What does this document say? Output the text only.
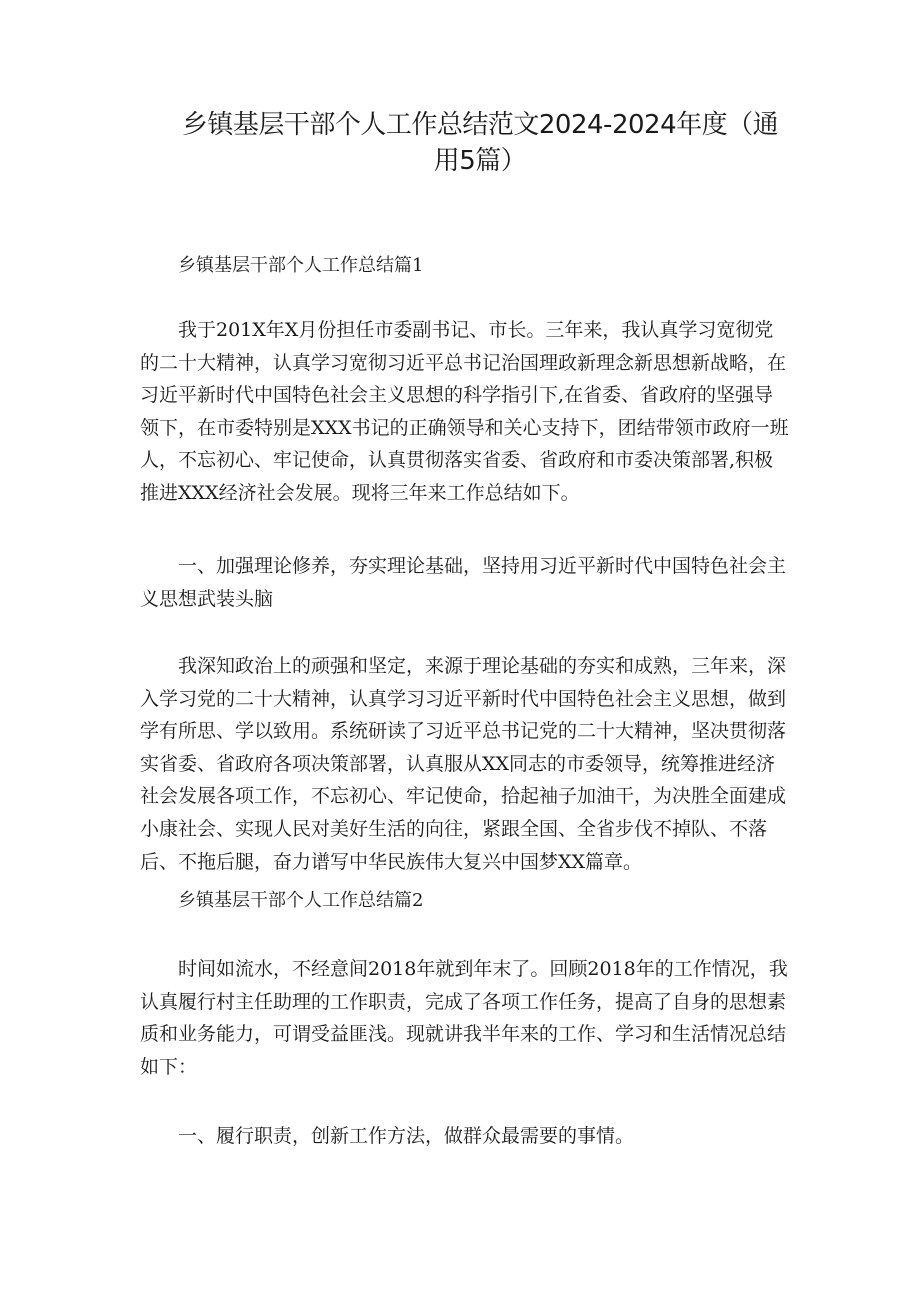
乡镇基层干部个人工作总结范文2024-2024年度（通用5篇）

乡镇基层干部个人工作总结篇1

我于201X年X月份担任市委副书记、市长。三年来，我认真学习宽彻党的二十大精神，认真学习宽彻习近平总书记治国理政新理念新思想新战略，在习近平新时代中国特色社会主义思想的科学指引下,在省委、省政府的坚强导领下，在市委特别是XXX书记的正确领导和关心支持下，团结带领市政府一班人，不忘初心、牢记使命，认真贯彻落实省委、省政府和市委决策部署,积极推进XXX经济社会发展。现将三年来工作总结如下。

一、加强理论修养，夯实理论基础，坚持用习近平新时代中国特色社会主义思想武装头脑

我深知政治上的顽强和坚定，来源于理论基础的夯实和成熟，三年来，深入学习党的二十大精神，认真学习习近平新时代中国特色社会主义思想，做到学有所思、学以致用。系统研读了习近平总书记党的二十大精神，坚决贯彻落实省委、省政府各项决策部署，认真服从XX同志的市委领导，统筹推进经济社会发展各项工作，不忘初心、牢记使命，拾起袖子加油干，为决胜全面建成小康社会、实现人民对美好生活的向往，紧跟全国、全省步伐不掉队、不落后、不拖后腿，奋力谱写中华民族伟大复兴中国梦XX篇章。

乡镇基层干部个人工作总结篇2

时间如流水，不经意间2018年就到年末了。回顾2018年的工作情况，我认真履行村主任助理的工作职责，完成了各项工作任务，提高了自身的思想素质和业务能力，可谓受益匪浅。现就讲我半年来的工作、学习和生活情况总结如下：

一、履行职责，创新工作方法，做群众最需要的事情。
